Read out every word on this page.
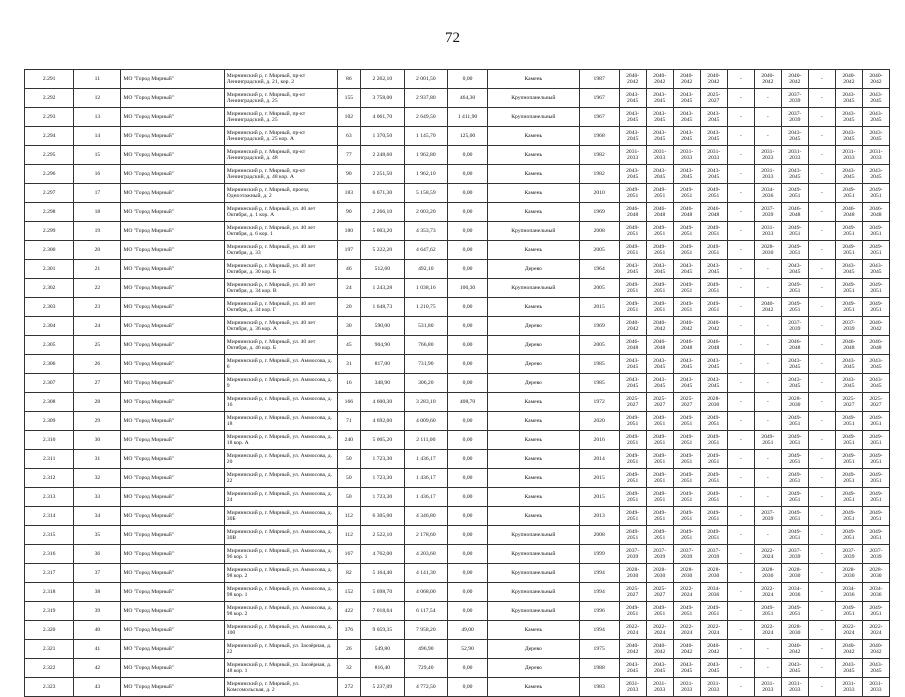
72
2.291	11	МО "Город Мирный"	Мирнинский р, г. Мирный, пр-кт Ленинградский, д. 21, кор. 2	86	2 262,10	2 001,50	0,00	Камень	1987	2040-2042	2040-2042	2040-2042	2040-2042	-	2040-2042	2040-2042	-	2040-2042	2040-2042
2.292	12	МО "Город Мирный"	Мирнинский р, г. Мирный, пр-кт Ленинградский, д. 25	155	3 758,00	2 937,80	464,30	Крупнопанельный	1967	2043-2045	2043-2045	2043-2045	2025-2027	-	-	2037-2039	-	2043-2045	2043-2045
2.293	13	МО "Город Мирный"	Мирнинский р, г. Мирный, пр-кт Ленинградский, д. 25	102	4 061,70	2 649,50	1 411,90	Крупнопанельный	1967	2043-2045	2043-2045	2043-2045	2043-2045	-	-	2037-2039	-	2043-2045	2043-2045
2.294	14	МО "Город Мирный"	Мирнинский р, г. Мирный, пр-кт Ленинградский, д. 25 кор. А	63	1 370,50	1 145,70	125,00	Камень	1968	2043-2045	2043-2045	2043-2045	2043-2045	-	-	2043-2045	-	2043-2045	2043-2045
2.295	15	МО "Город Мирный"	Мирнинский р, г. Мирный, пр-кт Ленинградский, д. 48	77	2 248,60	1 962,80	0,00	Камень	1982	2031-2033	2031-2033	2031-2033	2031-2033	-	2031-2033	2031-2033	-	2031-2033	2031-2033
2.296	16	МО "Город Мирный"	Мирнинский р, г. Мирный, пр-кт Ленинградский, д. 48 кор. А	90	2 251,50	1 962,10	0,00	Камень	1982	2043-2045	2043-2045	2043-2045	2043-2045	-	2031-2033	2043-2045	-	2043-2045	2043-2045
2.297	17	МО "Город Мирный"	Мирнинский р, г. Мирный, проезд Одноэтажный, д. 2	183	6 671,30	5 158,59	0,00	Камень	2010	2049-2051	2049-2051	2049-2051	2049-2051	-	2034-2036	2049-2051	-	2049-2051	2049-2051
2.298	18	МО "Город Мирный"	Мирнинский р, г. Мирный, ул. 40 лет Октября, д. 1 кор. А	90	2 266,10	2 003,20	0,00	Камень	1969	2046-2048	2046-2048	2046-2048	2046-2048	-	2037-2039	2046-2048	-	2046-2048	2046-2048
2.299	19	МО "Город Мирный"	Мирнинский р, г. Мирный, ул. 40 лет Октября, д. 6 кор. 1	180	5 003,20	4 353,73	0,00	Крупнопанельный	2008	2049-2051	2049-2051	2049-2051	2049-2051	-	2031-2033	2049-2051	-	2049-2051	2049-2051
2.300	20	МО "Город Мирный"	Мирнинский р, г. Мирный, ул. 40 лет Октября, д. 33	197	5 222,20	4 647,62	0,00	Камень	2005	2049-2051	2049-2051	2049-2051	2049-2051	-	2028-2030	2049-2051	-	2049-2051	2049-2051
2.301	21	МО "Город Мирный"	Мирнинский р, г. Мирный, ул. 40 лет Октября, д. 30 кор. Б	46	512,60	492,10	0,00	Дерево	1964	2043-2045	2043-2045	2043-2045	2043-2045	-	-	2043-2045	-	2043-2045	2043-2045
2.302	22	МО "Город Мирный"	Мирнинский р, г. Мирный, ул. 40 лет Октября, д. 34 кор. В	24	1 243,28	1 038,16	100,30	Крупнопанельный	2005	2049-2051	2049-2051	2049-2051	2049-2051	-	-	2049-2051	-	2049-2051	2049-2051
2.303	23	МО "Город Мирный"	Мирнинский р, г. Мирный, ул. 40 лет Октября, д. 34 кор. Г	20	1 648,73	1 210,75	0,00	Камень	2015	2049-2051	2049-2051	2049-2051	2049-2051	-	2040-2042	2049-2051	-	2049-2051	2049-2051
2.304	24	МО "Город Мирный"	Мирнинский р, г. Мирный, ул. 40 лет Октября, д. 36 кор. А	30	590,00	531,80	0,00	Дерево	1969	2040-2042	2040-2042	2040-2042	2040-2042	-	-	2037-2039	-	2037-2039	2040-2042
2.305	25	МО "Город Мирный"	Мирнинский р, г. Мирный, ул. 40 лет Октября, д. 46 кор. Б	45	904,90	766,80	0,00	Дерево	2005	2046-2048	2046-2048	2046-2048	2046-2048	-	-	2046-2048	-	2046-2048	2046-2048
2.306	26	МО "Город Мирный"	Мирнинский р, г. Мирный, ул. Аммосова, д. 6	31	817,00	731,90	0,00	Дерево	1985	2043-2045	2043-2045	2043-2045	2043-2045	-	-	2043-2045	-	2043-2045	2043-2045
2.307	27	МО "Город Мирный"	Мирнинский р, г. Мирный, ул. Аммосова, д. 9	16	348,90	306,20	0,00	Дерево	1985	2043-2045	2043-2045	2043-2045	2043-2045	-	-	2043-2045	-	2043-2045	2043-2045
2.308	28	МО "Город Мирный"	Мирнинский р, г. Мирный, ул. Аммосова, д. 16	166	4 600,30	3 283,10	408,70	Камень	1972	2025-2027	2025-2027	2025-2027	2028-2030	-	-	2028-2030	-	2025-2027	2025-2027
2.309	29	МО "Город Мирный"	Мирнинский р, г. Мирный, ул. Аммосова, д. 18	71	4 692,00	4 009,60	0,00	Камень	2020	2049-2051	2049-2051	2049-2051	2049-2051	-	-	2049-2051	-	2049-2051	2049-2051
2.310	30	МО "Город Мирный"	Мирнинский р, г. Мирный, ул. Аммосова, д. 18 кор. А	240	5 005,20	2 111,00	0,00	Камень	2016	2049-2051	2049-2051	2049-2051	2049-2051	-	2049-2051	2049-2051	-	2049-2051	2049-2051
2.311	31	МО "Город Мирный"	Мирнинский р, г. Мирный, ул. Аммосова, д. 20	50	1 723,30	1 436,17	0,00	Камень	2014	2049-2051	2049-2051	2049-2051	2049-2051	-	-	2049-2051	-	2049-2051	2049-2051
2.312	32	МО "Город Мирный"	Мирнинский р, г. Мирный, ул. Аммосова, д. 22	50	1 723,30	1 436,17	0,00	Камень	2015	2049-2051	2049-2051	2049-2051	2049-2051	-	-	2049-2051	-	2049-2051	2049-2051
2.313	33	МО "Город Мирный"	Мирнинский р, г. Мирный, ул. Аммосова, д. 24	50	1 723,30	1 436,17	0,00	Камень	2015	2049-2051	2049-2051	2049-2051	2049-2051	-	-	2049-2051	-	2049-2051	2049-2051
2.314	34	МО "Город Мирный"	Мирнинский р, г. Мирный, ул. Аммосова, д. 30Б	112	6 305,00	4 346,80	0,00	Камень	2013	2049-2051	2049-2051	2049-2051	2049-2051	-	2037-2039	2049-2051	-	2049-2051	2049-2051
2.315	35	МО "Город Мирный"	Мирнинский р, г. Мирный, ул. Аммосова, д. 30В	112	2 522,10	2 178,60	0,00	Крупнопанельный	2008	2049-2051	2049-2051	2049-2051	2049-2051	-	-	2049-2051	-	2049-2051	2049-2051
2.316	36	МО "Город Мирный"	Мирнинский р, г. Мирный, ул. Аммосова, д. 96 кор. 1	167	4 762,00	4 203,60	0,00	Крупнопанельный	1999	2037-2039	2037-2039	2037-2039	2037-2039	-	2022-2024	2037-2039	-	2037-2039	2037-2039
2.317	37	МО "Город Мирный"	Мирнинский р, г. Мирный, ул. Аммосова, д. 98 кор. 2	82	5 164,40	4 141,30	0,00	Крупнопанельный	1994	2028-2030	2028-2030	2028-2030	2028-2030	-	2028-2030	2028-2030	-	2028-2030	2028-2030
2.318	38	МО "Город Мирный"	Мирнинский р, г. Мирный, ул. Аммосова, д. 98 кор. 1	152	5 698,70	4 068,00	0,00	Крупнопанельный	1994	2025-2027	2025-2027	2022-2024	2034-2036	-	2022-2024	2034-2036	-	2034-2036	2034-2036
2.319	39	МО "Город Мирный"	Мирнинский р, г. Мирный, ул. Аммосова, д. 98 кор. 2	422	7 018,64	6 117,54	0,00	Крупнопанельный	1996	2049-2051	2049-2051	2049-2051	2049-2051	-	2049-2051	2049-2051	-	2049-2051	2049-2051
2.320	40	МО "Город Мирный"	Мирнинский р, г. Мирный, ул. Аммосова, д. 100	376	9 059,35	7 958,20	49,00	Камень	1994	2022-2024	2022-2024	2022-2024	2022-2024	-	2022-2024	2028-2030	-	2022-2024	2022-2024
2.321	41	МО "Город Мирный"	Мирнинский р, г. Мирный, ул. Заозёрная, д. 22	26	549,80	496,90	52,90	Дерево	1975	2040-2042	2040-2042	2040-2042	2040-2042	-	-	2040-2042	-	2040-2042	2040-2042
2.322	42	МО "Город Мирный"	Мирнинский р, г. Мирный, ул. Заозёрная, д. 48 кор. 1	32	816,40	729,40	0,00	Дерево	1988	2043-2045	2043-2045	2043-2045	2043-2045	-	-	2043-2045	-	2043-2045	2043-2045
2.323	43	МО "Город Мирный"	Мирнинский р, г. Мирный, ул. Комсомольская, д. 2	272	5 237,09	4 772,50	0,00	Камень	1983	2031-2033	2031-2033	2031-2033	2031-2033	-	2031-2033	2031-2033	-	2031-2033	2031-2033
